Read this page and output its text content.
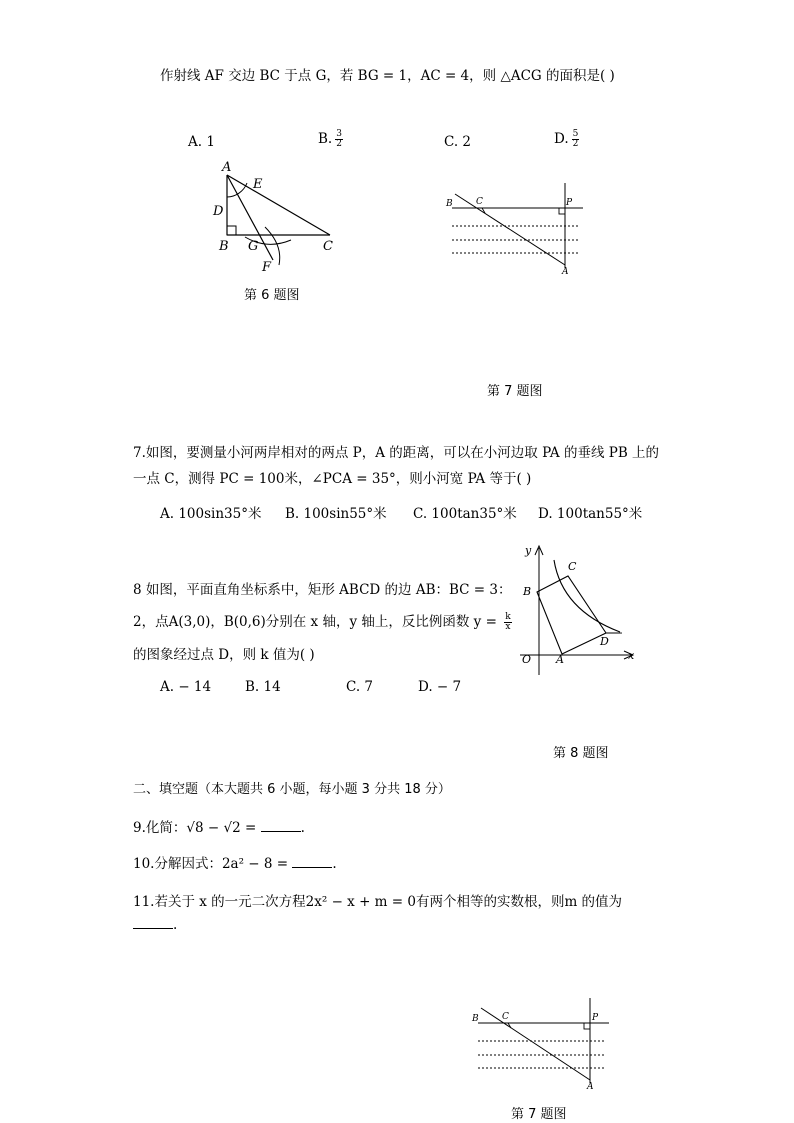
作射线 AF 交边 BC 于点 G，若 BG = 1，AC = 4，则 △ACG 的面积是( )
A. 1	B. $\frac{3}{2}$	C. 2	D. $\frac{5}{2}$
A
E
D
B G	C
F
第 6 题图
B	C	P
A
第 7 题图
7.如图，要测量小河两岸相对的两点 P，A 的距离，可以在小河边取 PA 的垂线 PB 上的
一点 C，测得 PC = 100米，∠PCA = 35°，则小河宽 PA 等于( )
A. 100sin35°米 B. 100sin55°米 C. 100tan35°米 D. 100tan55°米
8 如图，平面直角坐标系中，矩形 ABCD 的边 AB：BC = 3：
2，点A(3,0)，B(0,6)分别在 x 轴，y 轴上，反比例函数 $y = \frac{k}{x}$
的图象经过点 D，则 k 值为( )
A. − 14	B. 14	C. 7	D. − 7
y
x
O A
B
C
D
第 8 题图
二、填空题（本大题共 6 小题，每小题 3 分共 18 分）
9.化简：√8 − √2 =	.
10.分解因式：2a² − 8 =	.
11.若关于 x 的一元二次方程2x² − x + m = 0有两个相等的实数根，则m 的值为
.
B	C	P
A
第 7 题图
